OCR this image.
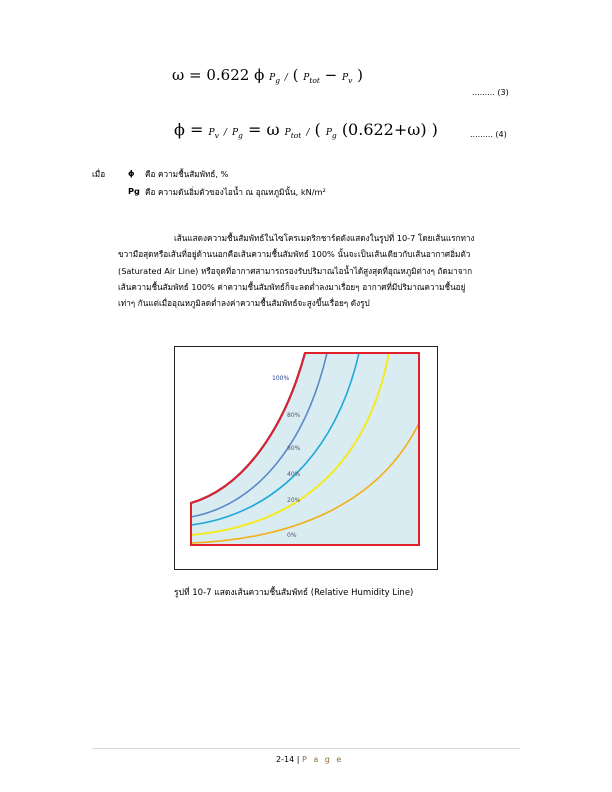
ω = 0.622 ϕ $P_g$ / ( $P_{tot} - P_v$ )
......... (3)
$\phi = P_v / P_g = \omega$ $P_{tot}$ / ( $P_g$ (0.622+ω) )	......... (4)
เมื่อ	ϕ คือ ความชื้นสัมพัทธ์, %
Pg คือ ความดันอิ่มตัวของไอน้ำ ณ อุณหภูมินั้น, kN/m²
เส้นแสดงความชื้นสัมพัทธ์ในไซโครเมตริกชาร์ตดังแสดงในรูปที่ 10-7 โดยเส้นแรกทาง
ขวามือสุดหรือเส้นที่อยู่ด้านนอกคือเส้นความชื้นสัมพัทธ์ 100% นั้นจะเป็นเส้นเดียวกับเส้นอากาศอิ่มตัว
(Saturated Air Line) หรือจุดที่อากาศสามารถรองรับปริมาณไอน้ำได้สูงสุดที่อุณหภูมิต่างๆ ถัดมาจาก
เส้นความชื้นสัมพัทธ์ 100% ค่าความชื้นสัมพัทธ์ก็จะลดต่ำลงมาเรื่อยๆ อากาศที่มีปริมาณความชื้นอยู่
เท่าๆ กันแต่เมื่ออุณหภูมิลดต่ำลงค่าความชื้นสัมพัทธ์จะสูงขึ้นเรื่อยๆ ดังรูป
100%
80%
60%
40%
20%
0%
รูปที่ 10-7 แสดงเส้นความชื้นสัมพัทธ์ (Relative Humidity Line)
2-14 | P a g e
